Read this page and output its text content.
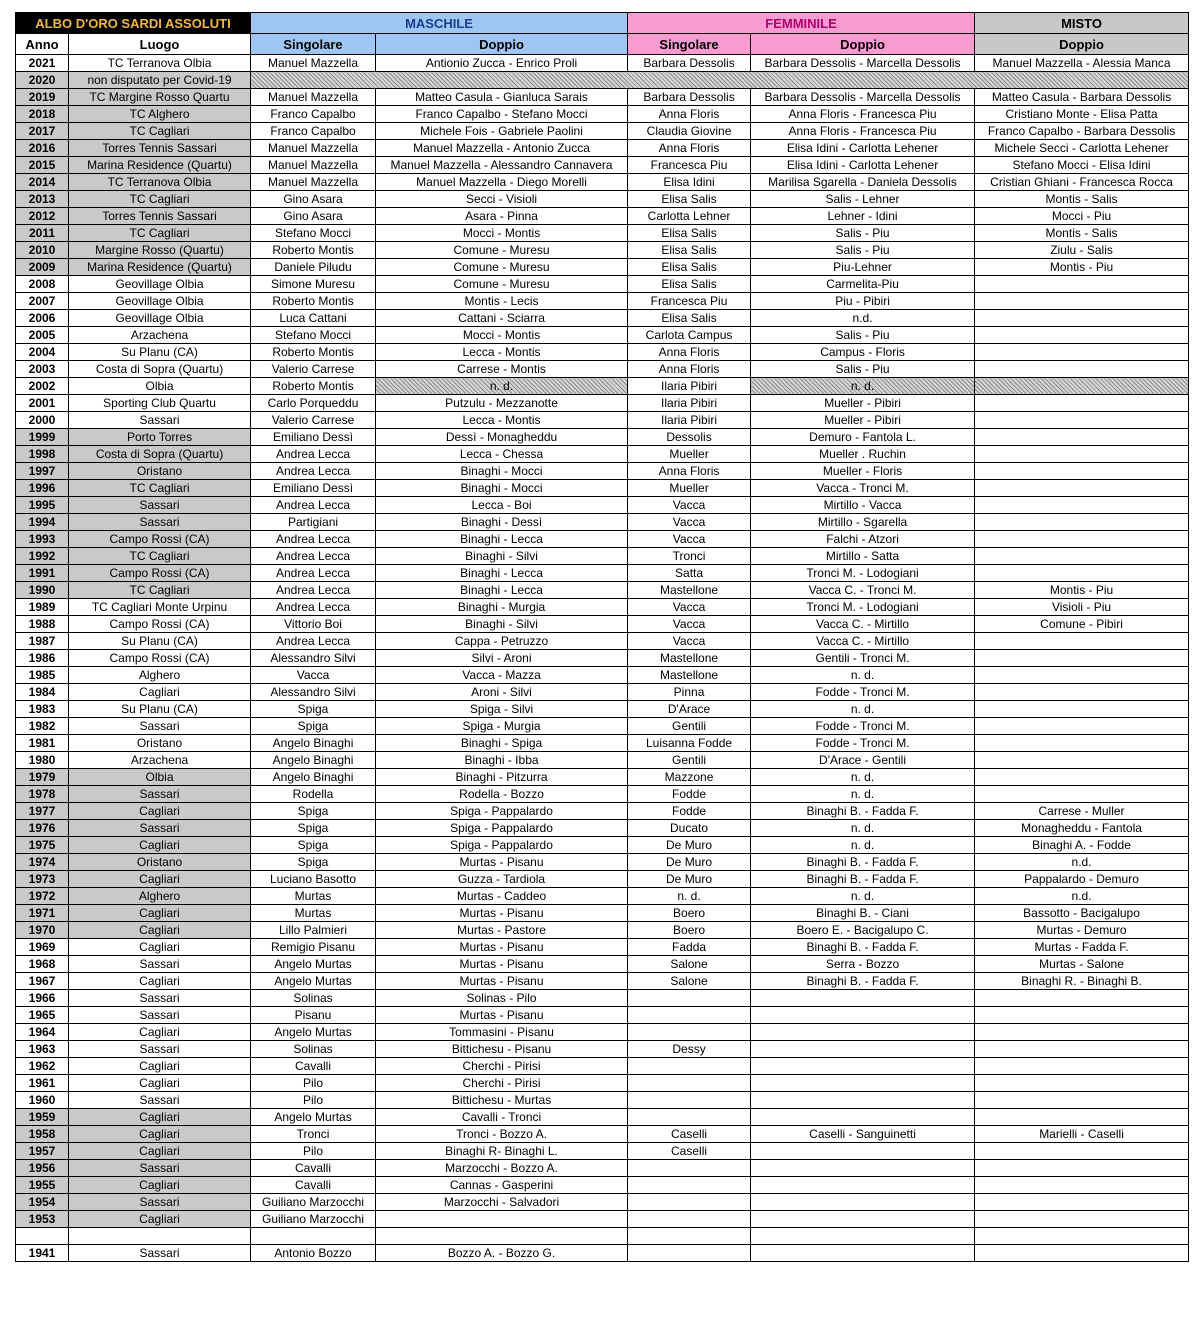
ALBO D'ORO SARDI ASSOLUTI		MASCHILE		FEMMINILE		MISTO
Anno	Luogo	Singolare	Doppio	Singolare	Doppio	Doppio
2021	TC Terranova Olbia	Manuel Mazzella	Antionio Zucca - Enrico Proli	Barbara Dessolis	Barbara Dessolis - Marcella Dessolis	Manuel Mazzella - Alessia Manca
2020	non disputato per Covid-19					
2019	TC Margine Rosso Quartu	Manuel Mazzella	Matteo Casula - Gianluca Sarais	Barbara Dessolis	Barbara Dessolis - Marcella Dessolis	Matteo Casula - Barbara Dessolis
2018	TC Alghero	Franco Capalbo	Franco Capalbo - Stefano Mocci	Anna Floris	Anna Floris - Francesca Piu	Cristiano Monte - Elisa Patta
2017	TC Cagliari	Franco Capalbo	Michele Fois - Gabriele Paolini	Claudia Giovine	Anna Floris - Francesca Piu	Franco Capalbo - Barbara Dessolis
2016	Torres Tennis Sassari	Manuel Mazzella	Manuel Mazzella - Antonio Zucca	Anna Floris	Elisa Idini - Carlotta Lehener	Michele Secci - Carlotta Lehener
2015	Marina Residence (Quartu)	Manuel Mazzella	Manuel Mazzella - Alessandro Cannavera	Francesca Piu	Elisa Idini - Carlotta Lehener	Stefano Mocci - Elisa Idini
2014	TC Terranova Olbia	Manuel Mazzella	Manuel Mazzella - Diego Morelli	Elisa Idini	Marilisa Sgarella - Daniela Dessolis	Cristian Ghiani - Francesca Rocca
2013	TC Cagliari	Gino Asara	Secci - Visioli	Elisa Salis	Salis - Lehner	Montis - Salis
2012	Torres Tennis Sassari	Gino Asara	Asara - Pinna	Carlotta Lehner	Lehner - Idini	Mocci - Piu
2011	TC Cagliari	Stefano Mocci	Mocci - Montis	Elisa Salis	Salis - Piu	Montis - Salis
2010	Margine Rosso (Quartu)	Roberto Montis	Comune - Muresu	Elisa Salis	Salis - Piu	Ziulu - Salis
2009	Marina Residence (Quartu)	Daniele Piludu	Comune - Muresu	Elisa Salis	Piu-Lehner	Montis - Piu
2008	Geovillage Olbia	Simone Muresu	Comune - Muresu	Elisa Salis	Carmelita-Piu	
2007	Geovillage Olbia	Roberto Montis	Montis - Lecis	Francesca Piu	Piu - Pibiri	
2006	Geovillage Olbia	Luca Cattani	Cattani - Sciarra	Elisa Salis	n.d.	
2005	Arzachena	Stefano Mocci	Mocci - Montis	Carlota Campus	Salis - Piu	
2004	Su Planu (CA)	Roberto Montis	Lecca - Montis	Anna Floris	Campus - Floris	
2003	Costa di Sopra (Quartu)	Valerio Carrese	Carrese - Montis	Anna Floris	Salis - Piu	
2002	Olbia	Roberto Montis	n. d.	Ilaria Pibiri	n. d.	
2001	Sporting Club Quartu	Carlo Porqueddu	Putzulu - Mezzanotte	Ilaria Pibiri	Mueller - Pibiri	
2000	Sassari	Valerio Carrese	Lecca - Montis	Ilaria Pibiri	Mueller - Pibiri	
1999	Porto Torres	Emiliano Dessì	Dessì - Monagheddu	Dessolis	Demuro - Fantola L.	
1998	Costa di Sopra (Quartu)	Andrea Lecca	Lecca - Chessa	Mueller	Mueller . Ruchin	
1997	Oristano	Andrea Lecca	Binaghi - Mocci	Anna Floris	Mueller - Floris	
1996	TC Cagliari	Emiliano Dessì	Binaghi - Mocci	Mueller	Vacca - Tronci M.	
1995	Sassari	Andrea Lecca	Lecca - Boi	Vacca	Mirtillo - Vacca	
1994	Sassari	Partigiani	Binaghi - Dessì	Vacca	Mirtillo - Sgarella	
1993	Campo Rossi (CA)	Andrea Lecca	Binaghi - Lecca	Vacca	Falchi - Atzori	
1992	TC Cagliari	Andrea Lecca	Binaghi - Silvi	Tronci	Mirtillo - Satta	
1991	Campo Rossi (CA)	Andrea Lecca	Binaghi - Lecca	Satta	Tronci M. - Lodogiani	
1990	TC Cagliari	Andrea Lecca	Binaghi - Lecca	Mastellone	Vacca C. - Tronci M.	Montis - Piu
1989	TC Cagliari Monte Urpinu	Andrea Lecca	Binaghi - Murgia	Vacca	Tronci M. - Lodogiani	Visioli - Piu
1988	Campo Rossi (CA)	Vittorio Boi	Binaghi - Silvi	Vacca	Vacca C. - Mirtillo	Comune - Pibiri
1987	Su Planu (CA)	Andrea Lecca	Cappa - Petruzzo	Vacca	Vacca C. - Mirtillo	
1986	Campo Rossi (CA)	Alessandro Silvi	Silvi - Aroni	Mastellone	Gentili - Tronci M.	
1985	Alghero	Vacca	Vacca - Mazza	Mastellone	n. d.	
1984	Cagliari	Alessandro Silvi	Aroni - Silvi	Pinna	Fodde - Tronci M.	
1983	Su Planu (CA)	Spiga	Spiga - Silvi	D'Arace	n. d.	
1982	Sassari	Spiga	Spiga - Murgia	Gentili	Fodde - Tronci M.	
1981	Oristano	Angelo Binaghi	Binaghi - Spiga	Luisanna Fodde	Fodde - Tronci M.	
1980	Arzachena	Angelo Binaghi	Binaghi - Ibba	Gentili	D'Arace - Gentili	
1979	Olbia	Angelo Binaghi	Binaghi - Pitzurra	Mazzone	n. d.	
1978	Sassari	Rodella	Rodella - Bozzo	Fodde	n. d.	
1977	Cagliari	Spiga	Spiga - Pappalardo	Fodde	Binaghi B. - Fadda F.	Carrese - Muller
1976	Sassari	Spiga	Spiga - Pappalardo	Ducato	n. d.	Monagheddu - Fantola
1975	Cagliari	Spiga	Spiga - Pappalardo	De Muro	n. d.	Binaghi A. - Fodde
1974	Oristano	Spiga	Murtas - Pisanu	De Muro	Binaghi B. - Fadda F.	n.d.
1973	Cagliari	Luciano Basotto	Guzza - Tardiola	De Muro	Binaghi B. - Fadda F.	Pappalardo - Demuro
1972	Alghero	Murtas	Murtas - Caddeo	n. d.	n. d.	n.d.
1971	Cagliari	Murtas	Murtas - Pisanu	Boero	Binaghi B. - Ciani	Bassotto - Bacigalupo
1970	Cagliari	Lillo Palmieri	Murtas - Pastore	Boero	Boero E. - Bacigalupo C.	Murtas - Demuro
1969	Cagliari	Remigio Pisanu	Murtas - Pisanu	Fadda	Binaghi B. - Fadda F.	Murtas - Fadda F.
1968	Sassari	Angelo Murtas	Murtas - Pisanu	Salone	Serra - Bozzo	Murtas - Salone
1967	Cagliari	Angelo Murtas	Murtas - Pisanu	Salone	Binaghi B. - Fadda F.	Binaghi R. - Binaghi B.
1966	Sassari	Solinas	Solinas - Pilo			
1965	Sassari	Pisanu	Murtas - Pisanu			
1964	Cagliari	Angelo Murtas	Tommasini - Pisanu			
1963	Sassari	Solinas	Bittichesu - Pisanu	Dessy		
1962	Cagliari	Cavalli	Cherchi - Pirisi			
1961	Cagliari	Pilo	Cherchi - Pirisi			
1960	Sassari	Pilo	Bittichesu - Murtas			
1959	Cagliari	Angelo Murtas	Cavalli - Tronci			
1958	Cagliari	Tronci	Tronci - Bozzo A.	Caselli	Caselli - Sanguinetti	Marielli - Caselli
1957	Cagliari	Pilo	Binaghi R- Binaghi L.	Caselli		
1956	Sassari	Cavalli	Marzocchi - Bozzo A.			
1955	Cagliari	Cavalli	Cannas - Gasperini			
1954	Sassari	Guiliano Marzocchi	Marzocchi - Salvadori			
1953	Cagliari	Guiliano Marzocchi				

1941	Sassari	Antonio Bozzo	Bozzo A. - Bozzo G.			
